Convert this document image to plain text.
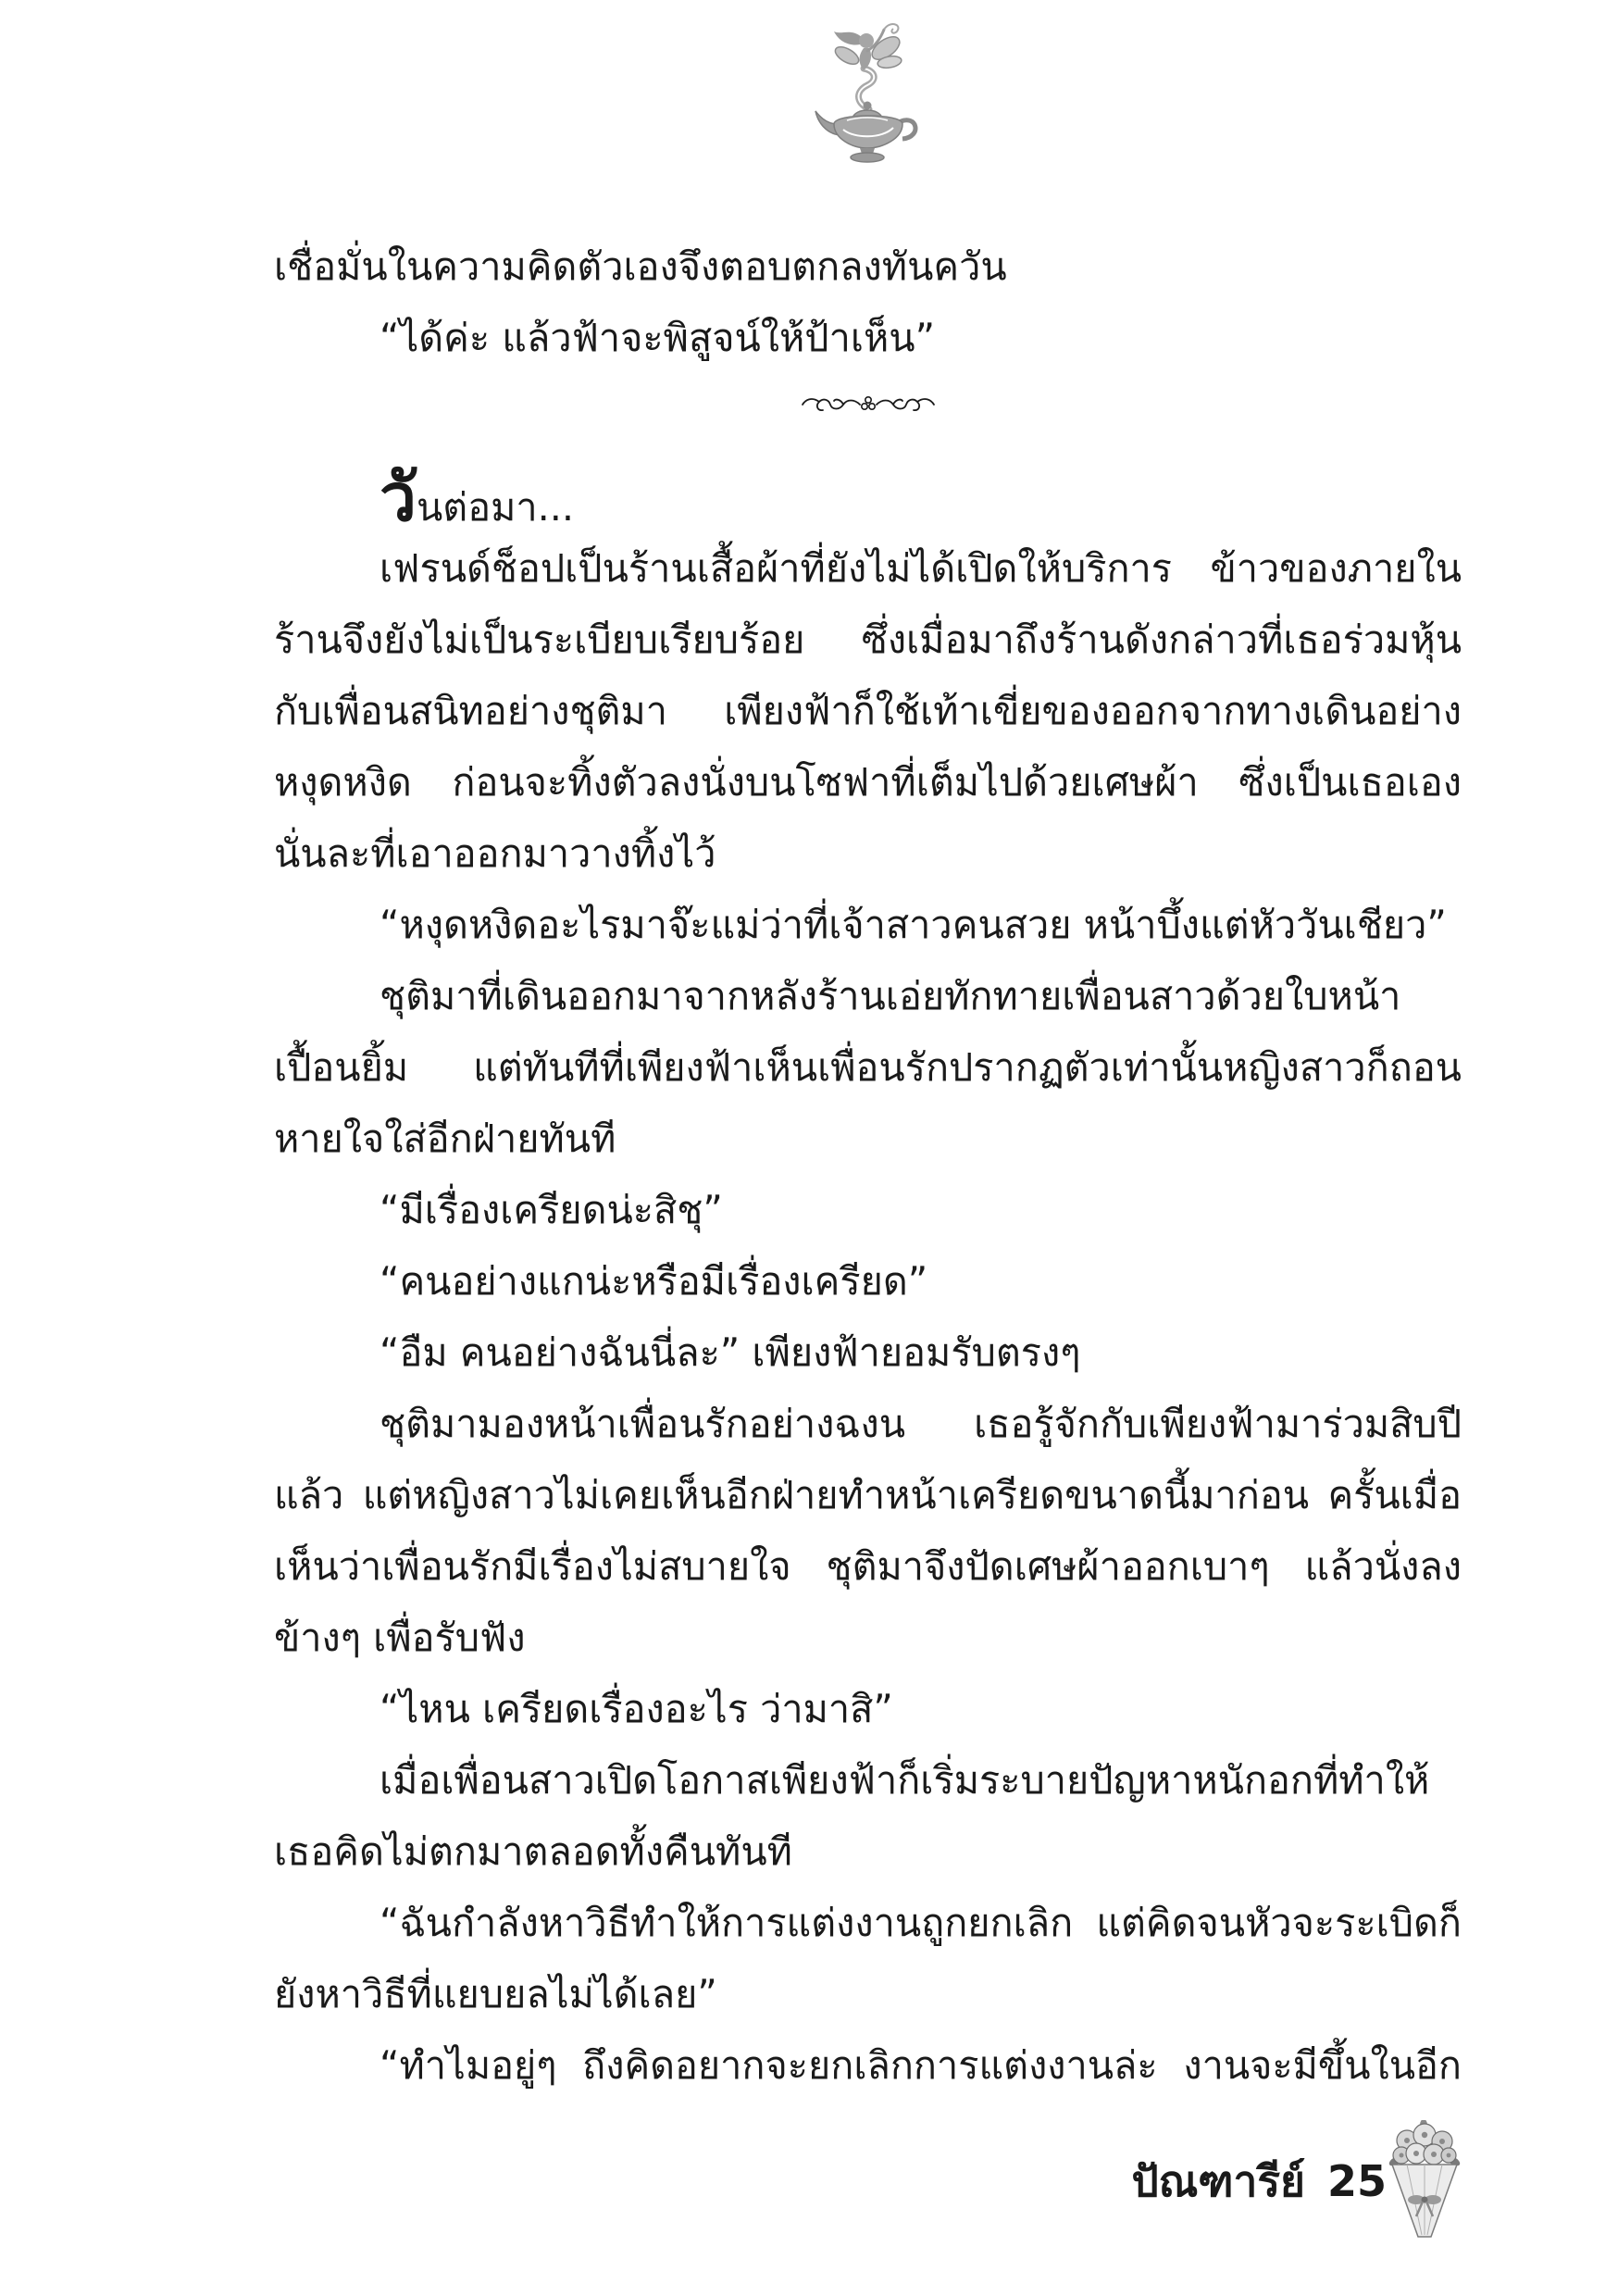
เชื่อมั่นในความคิดตัวเองจึงตอบตกลงทันควัน
“ได้ค่ะ แล้วฟ้าจะพิสูจน์ให้ป้าเห็น”
วันต่อมา...
เฟรนด์ช็อปเป็นร้านเสื้อผ้าที่ยังไม่ได้เปิดให้บริการ ข้าวของภายใน
ร้านจึงยังไม่เป็นระเบียบเรียบร้อย ซึ่งเมื่อมาถึงร้านดังกล่าวที่เธอร่วมหุ้น
กับเพื่อนสนิทอย่างชุติมา เพียงฟ้าก็ใช้เท้าเขี่ยของออกจากทางเดินอย่าง
หงุดหงิด ก่อนจะทิ้งตัวลงนั่งบนโซฟาที่เต็มไปด้วยเศษผ้า ซึ่งเป็นเธอเอง
นั่นละที่เอาออกมาวางทิ้งไว้
“หงุดหงิดอะไรมาจ๊ะแม่ว่าที่เจ้าสาวคนสวย หน้าบึ้งแต่หัววันเชียว”
ชุติมาที่เดินออกมาจากหลังร้านเอ่ยทักทายเพื่อนสาวด้วยใบหน้า
เปื้อนยิ้ม แต่ทันทีที่เพียงฟ้าเห็นเพื่อนรักปรากฏตัวเท่านั้นหญิงสาวก็ถอน
หายใจใส่อีกฝ่ายทันที
“มีเรื่องเครียดน่ะสิชุ”
“คนอย่างแกน่ะหรือมีเรื่องเครียด”
“อืม คนอย่างฉันนี่ละ” เพียงฟ้ายอมรับตรงๆ
ชุติมามองหน้าเพื่อนรักอย่างฉงน เธอรู้จักกับเพียงฟ้ามาร่วมสิบปี
แล้ว แต่หญิงสาวไม่เคยเห็นอีกฝ่ายทำหน้าเครียดขนาดนี้มาก่อน ครั้นเมื่อ
เห็นว่าเพื่อนรักมีเรื่องไม่สบายใจ ชุติมาจึงปัดเศษผ้าออกเบาๆ แล้วนั่งลง
ข้างๆ เพื่อรับฟัง
“ไหน เครียดเรื่องอะไร ว่ามาสิ”
เมื่อเพื่อนสาวเปิดโอกาสเพียงฟ้าก็เริ่มระบายปัญหาหนักอกที่ทำให้
เธอคิดไม่ตกมาตลอดทั้งคืนทันที
“ฉันกำลังหาวิธีทำให้การแต่งงานถูกยกเลิก แต่คิดจนหัวจะระเบิดก็
ยังหาวิธีที่แยบยลไม่ได้เลย”
“ทำไมอยู่ๆ ถึงคิดอยากจะยกเลิกการแต่งงานล่ะ งานจะมีขึ้นในอีก
ปัณฑารีย์ 25
